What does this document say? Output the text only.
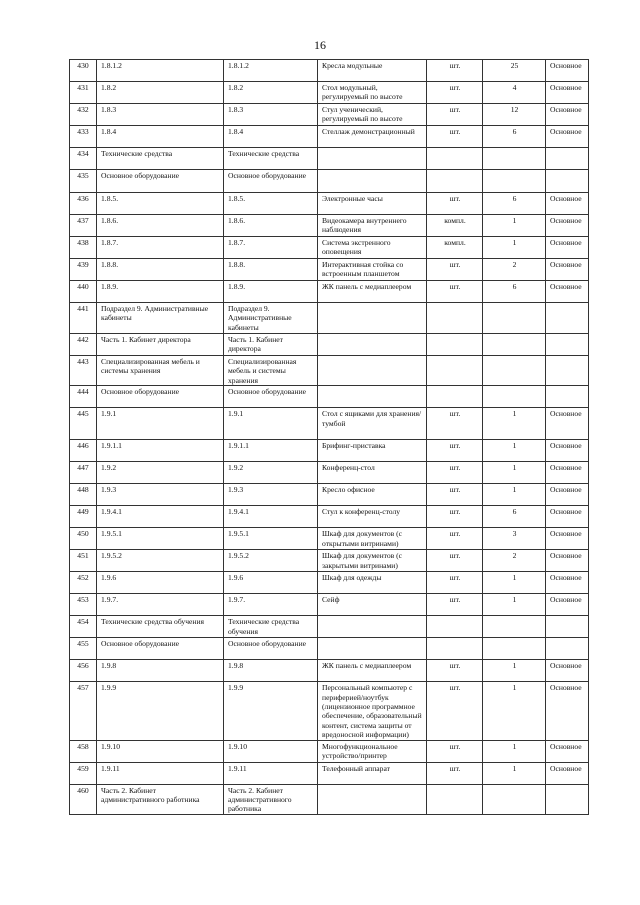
16
430	1.8.1.2	1.8.1.2	Кресла модульные	шт.	25	Основное
431	1.8.2	1.8.2	Стол модульный, регулируемый по высоте	шт.	4	Основное
432	1.8.3	1.8.3	Стул ученический, регулируемый по высоте	шт.	12	Основное
433	1.8.4	1.8.4	Стеллаж демонстрационный	шт.	6	Основное
434	Технические средства	Технические средства				
435	Основное оборудование	Основное оборудование				
436	1.8.5.	1.8.5.	Электронные часы	шт.	6	Основное
437	1.8.6.	1.8.6.	Видеокамера внутреннего наблюдения	компл.	1	Основное
438	1.8.7.	1.8.7.	Система экстренного оповещения	компл.	1	Основное
439	1.8.8.	1.8.8.	Интерактивная стойка со встроенным планшетом	шт.	2	Основное
440	1.8.9.	1.8.9.	ЖК панель с медиаплеером	шт.	6	Основное
441	Подраздел 9. Административные кабинеты	Подраздел 9. Административные кабинеты				
442	Часть 1. Кабинет директора	Часть 1. Кабинет директора				
443	Специализированная мебель и системы хранения	Специализированная мебель и системы хранения				
444	Основное оборудование	Основное оборудование				
445	1.9.1	1.9.1	Стол с ящиками для хранения/тумбой	шт.	1	Основное
446	1.9.1.1	1.9.1.1	Брифинг-приставка	шт.	1	Основное
447	1.9.2	1.9.2	Конференц-стол	шт.	1	Основное
448	1.9.3	1.9.3	Кресло офисное	шт.	1	Основное
449	1.9.4.1	1.9.4.1	Стул к конференц-столу	шт.	6	Основное
450	1.9.5.1	1.9.5.1	Шкаф для документов (с открытыми витринами)	шт.	3	Основное
451	1.9.5.2	1.9.5.2	Шкаф для документов (с закрытыми витринами)	шт.	2	Основное
452	1.9.6	1.9.6	Шкаф для одежды	шт.	1	Основное
453	1.9.7.	1.9.7.	Сейф	шт.	1	Основное
454	Технические средства обучения	Технические средства обучения				
455	Основное оборудование	Основное оборудование				
456	1.9.8	1.9.8	ЖК панель с медиаплеером	шт.	1	Основное
457	1.9.9	1.9.9	Персональный компьютер с периферией/ноутбук (лицензионное программное обеспечение, образовательный контент, система защиты от вредоносной информации)	шт.	1	Основное
458	1.9.10	1.9.10	Многофункциональное устройство/принтер	шт.	1	Основное
459	1.9.11	1.9.11	Телефонный аппарат	шт.	1	Основное
460	Часть 2. Кабинет административного работника	Часть 2. Кабинет административного работника				
